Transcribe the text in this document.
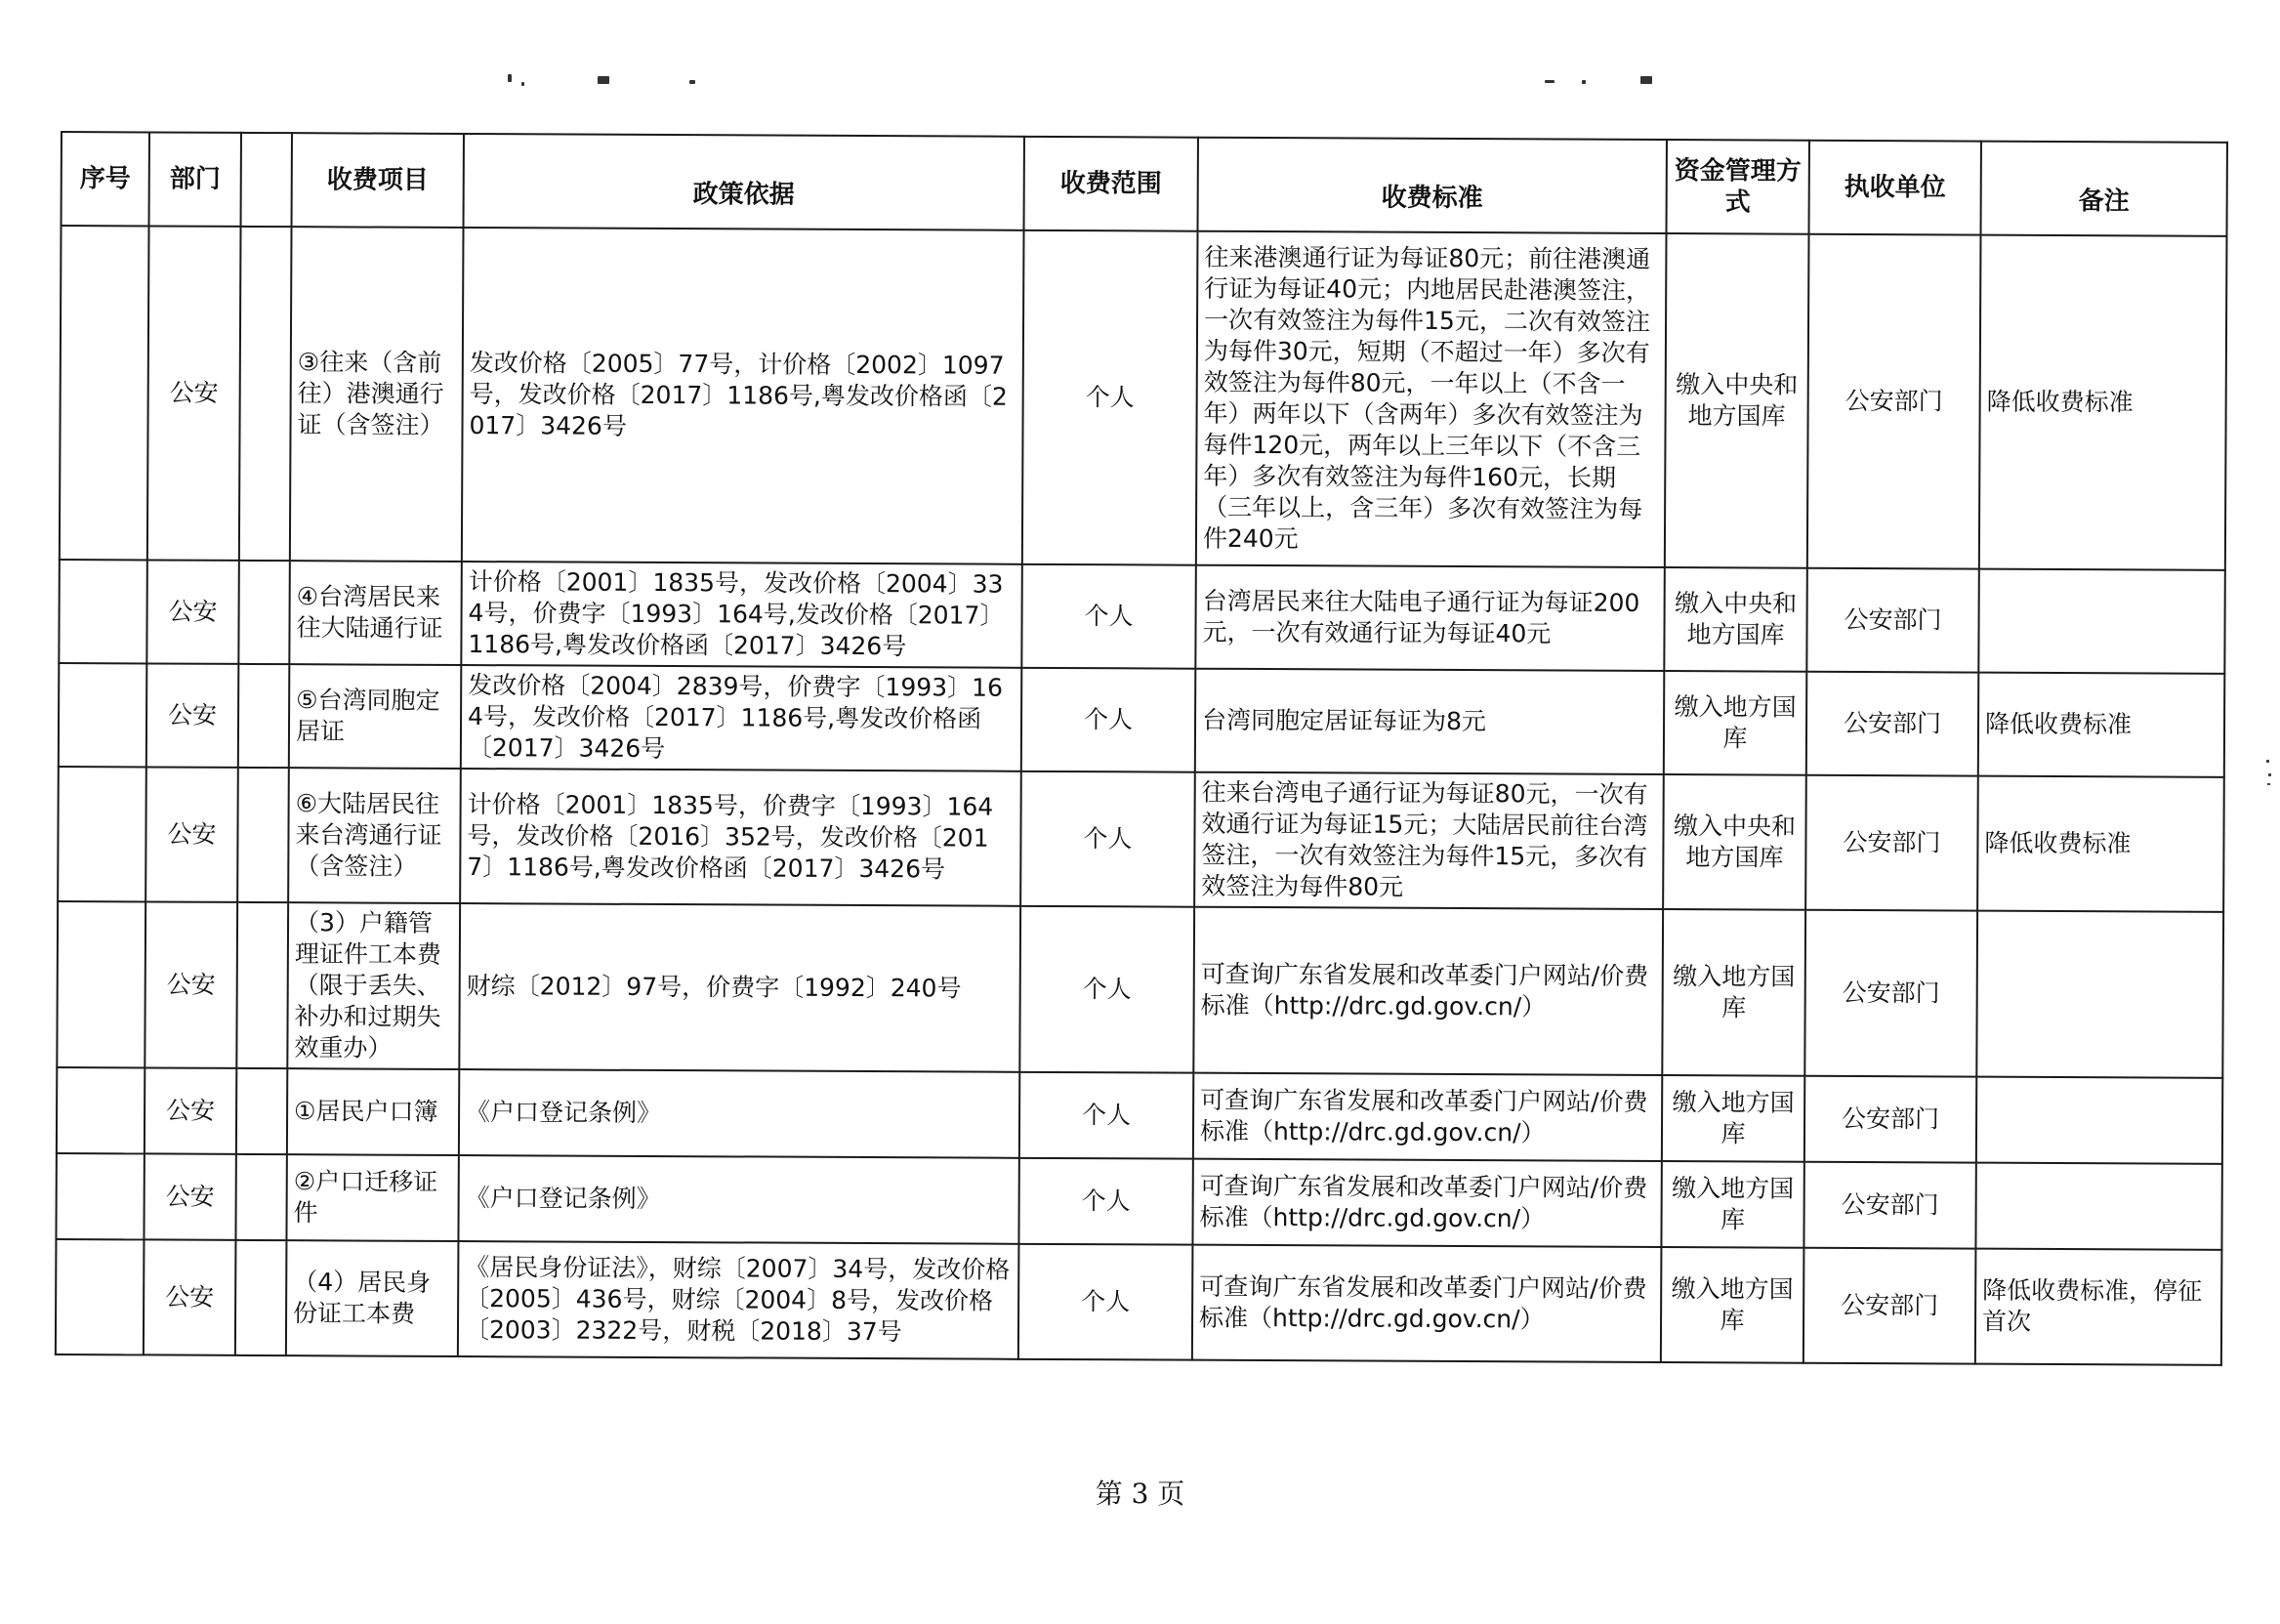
序号	部门		收费项目	政策依据	收费范围	收费标准	资金管理方式	执收单位	备注
	公安		③往来（含前往）港澳通行证（含签注）	发改价格〔2005〕77号，计价格〔2002〕1097号，发改价格〔2017〕1186号,粤发改价格函〔2017〕3426号	个人	往来港澳通行证为每证80元；前往港澳通行证为每证40元；内地居民赴港澳签注，一次有效签注为每件15元，二次有效签注为每件30元，短期（不超过一年）多次有效签注为每件80元，一年以上（不含一年）两年以下（含两年）多次有效签注为每件120元，两年以上三年以下（不含三年）多次有效签注为每件160元，长期（三年以上，含三年）多次有效签注为每件240元	缴入中央和地方国库	公安部门	降低收费标准
	公安		④台湾居民来往大陆通行证	计价格〔2001〕1835号，发改价格〔2004〕334号，价费字〔1993〕164号,发改价格〔2017〕1186号,粤发改价格函〔2017〕3426号	个人	台湾居民来往大陆电子通行证为每证200元，一次有效通行证为每证40元	缴入中央和地方国库	公安部门	
	公安		⑤台湾同胞定居证	发改价格〔2004〕2839号，价费字〔1993〕164号，发改价格〔2017〕1186号,粤发改价格函〔2017〕3426号	个人	台湾同胞定居证每证为8元	缴入地方国库	公安部门	降低收费标准
	公安		⑥大陆居民往来台湾通行证（含签注）	计价格〔2001〕1835号，价费字〔1993〕164号，发改价格〔2016〕352号，发改价格〔2017〕1186号,粤发改价格函〔2017〕3426号	个人	往来台湾电子通行证为每证80元，一次有效通行证为每证15元；大陆居民前往台湾签注，一次有效签注为每件15元，多次有效签注为每件80元	缴入中央和地方国库	公安部门	降低收费标准
	公安		（3）户籍管理证件工本费（限于丢失、补办和过期失效重办）	财综〔2012〕97号，价费字〔1992〕240号	个人	可查询广东省发展和改革委门户网站/价费标准（http://drc.gd.gov.cn/）	缴入地方国库	公安部门	
	公安		①居民户口簿	《户口登记条例》	个人	可查询广东省发展和改革委门户网站/价费标准（http://drc.gd.gov.cn/）	缴入地方国库	公安部门	
	公安		②户口迁移证件	《户口登记条例》	个人	可查询广东省发展和改革委门户网站/价费标准（http://drc.gd.gov.cn/）	缴入地方国库	公安部门	
	公安		（4）居民身份证工本费	《居民身份证法》，财综〔2007〕34号，发改价格〔2005〕436号，财综〔2004〕8号，发改价格〔2003〕2322号，财税〔2018〕37号	个人	可查询广东省发展和改革委门户网站/价费标准（http://drc.gd.gov.cn/）	缴入地方国库	公安部门	降低收费标准，停征首次
第 3 页
